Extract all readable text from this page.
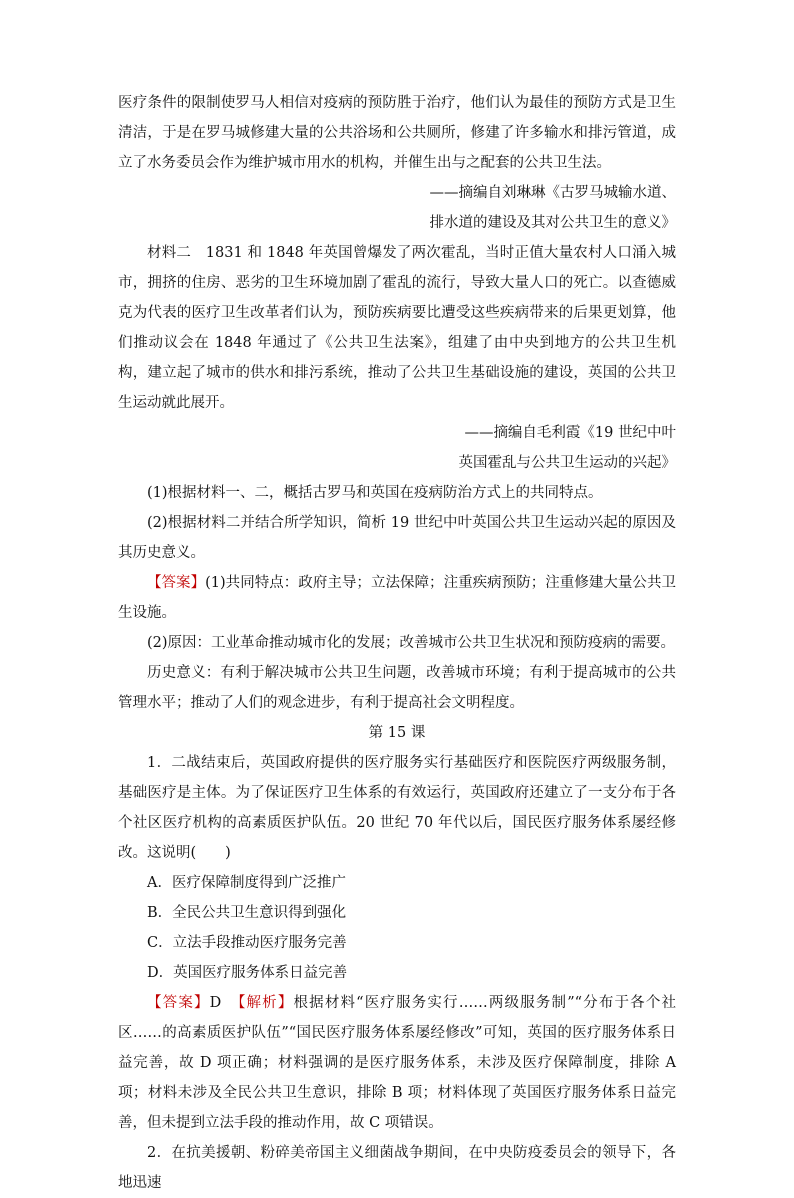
医疗条件的限制使罗马人相信对疫病的预防胜于治疗，他们认为最佳的预防方式是卫生清洁，于是在罗马城修建大量的公共浴场和公共厕所，修建了许多输水和排污管道，成立了水务委员会作为维护城市用水的机构，并催生出与之配套的公共卫生法。

——摘编自刘琳琳《古罗马城输水道、

排水道的建设及其对公共卫生的意义》

材料二　1831 和 1848 年英国曾爆发了两次霍乱，当时正值大量农村人口涌入城市，拥挤的住房、恶劣的卫生环境加剧了霍乱的流行，导致大量人口的死亡。以查德威克为代表的医疗卫生改革者们认为，预防疾病要比遭受这些疾病带来的后果更划算，他们推动议会在 1848 年通过了《公共卫生法案》，组建了由中央到地方的公共卫生机构，建立起了城市的供水和排污系统，推动了公共卫生基础设施的建设，英国的公共卫生运动就此展开。

——摘编自毛利霞《19 世纪中叶

英国霍乱与公共卫生运动的兴起》

(1)根据材料一、二，概括古罗马和英国在疫病防治方式上的共同特点。

(2)根据材料二并结合所学知识，简析 19 世纪中叶英国公共卫生运动兴起的原因及其历史意义。

【答案】(1)共同特点：政府主导；立法保障；注重疾病预防；注重修建大量公共卫生设施。

(2)原因：工业革命推动城市化的发展；改善城市公共卫生状况和预防疫病的需要。

历史意义：有利于解决城市公共卫生问题，改善城市环境；有利于提高城市的公共管理水平；推动了人们的观念进步，有利于提高社会文明程度。

第 15 课

1．二战结束后，英国政府提供的医疗服务实行基础医疗和医院医疗两级服务制，基础医疗是主体。为了保证医疗卫生体系的有效运行，英国政府还建立了一支分布于各个社区医疗机构的高素质医护队伍。20 世纪 70 年代以后，国民医疗服务体系屡经修改。这说明(　　)

A．医疗保障制度得到广泛推广

B．全民公共卫生意识得到强化

C．立法手段推动医疗服务完善

D．英国医疗服务体系日益完善

【答案】D　【解析】根据材料“医疗服务实行……两级服务制”“分布于各个社区……的高素质医护队伍”“国民医疗服务体系屡经修改”可知，英国的医疗服务体系日益完善，故 D 项正确；材料强调的是医疗服务体系，未涉及医疗保障制度，排除 A 项；材料未涉及全民公共卫生意识，排除 B 项；材料体现了英国医疗服务体系日益完善，但未提到立法手段的推动作用，故 C 项错误。

2．在抗美援朝、粉碎美帝国主义细菌战争期间，在中央防疫委员会的领导下，各地迅速
